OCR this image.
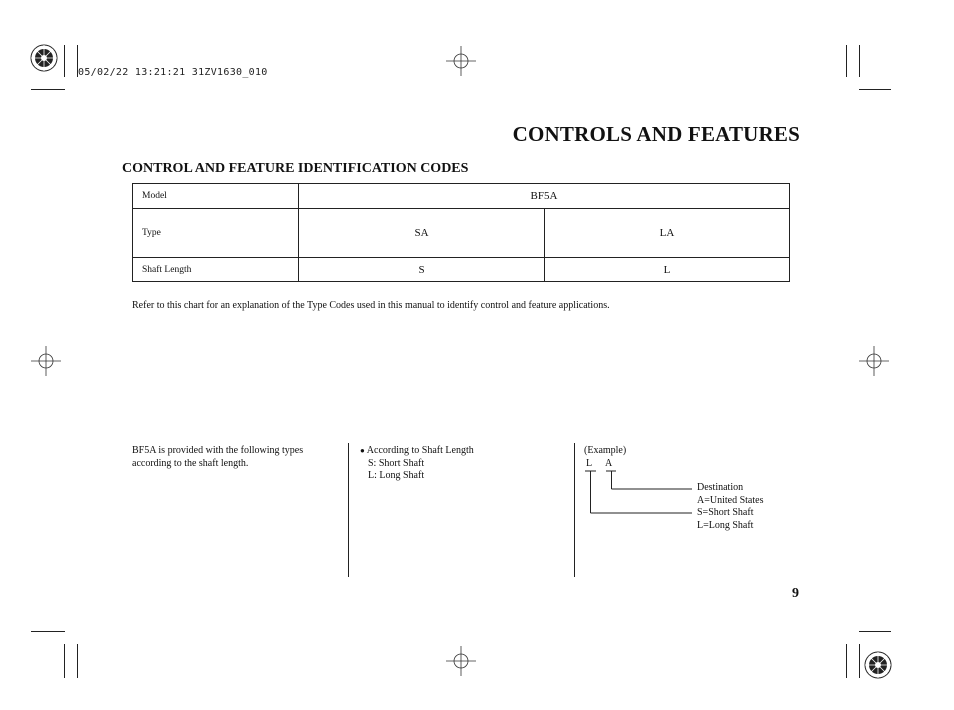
05/02/22 13:21:21 31ZV1630_010
CONTROLS AND FEATURES
CONTROL AND FEATURE IDENTIFICATION CODES
Model	BF5A	
Type	SA	LA
Shaft Length	S	L
Refer to this chart for an explanation of the Type Codes used in this manual to identify control and feature applications.
BF5A is provided with the following types
according to the shaft length.
● According to Shaft Length
S: Short Shaft
L: Long Shaft
(Example)
L A
Destination
A=United States
S=Short Shaft
L=Long Shaft
9
